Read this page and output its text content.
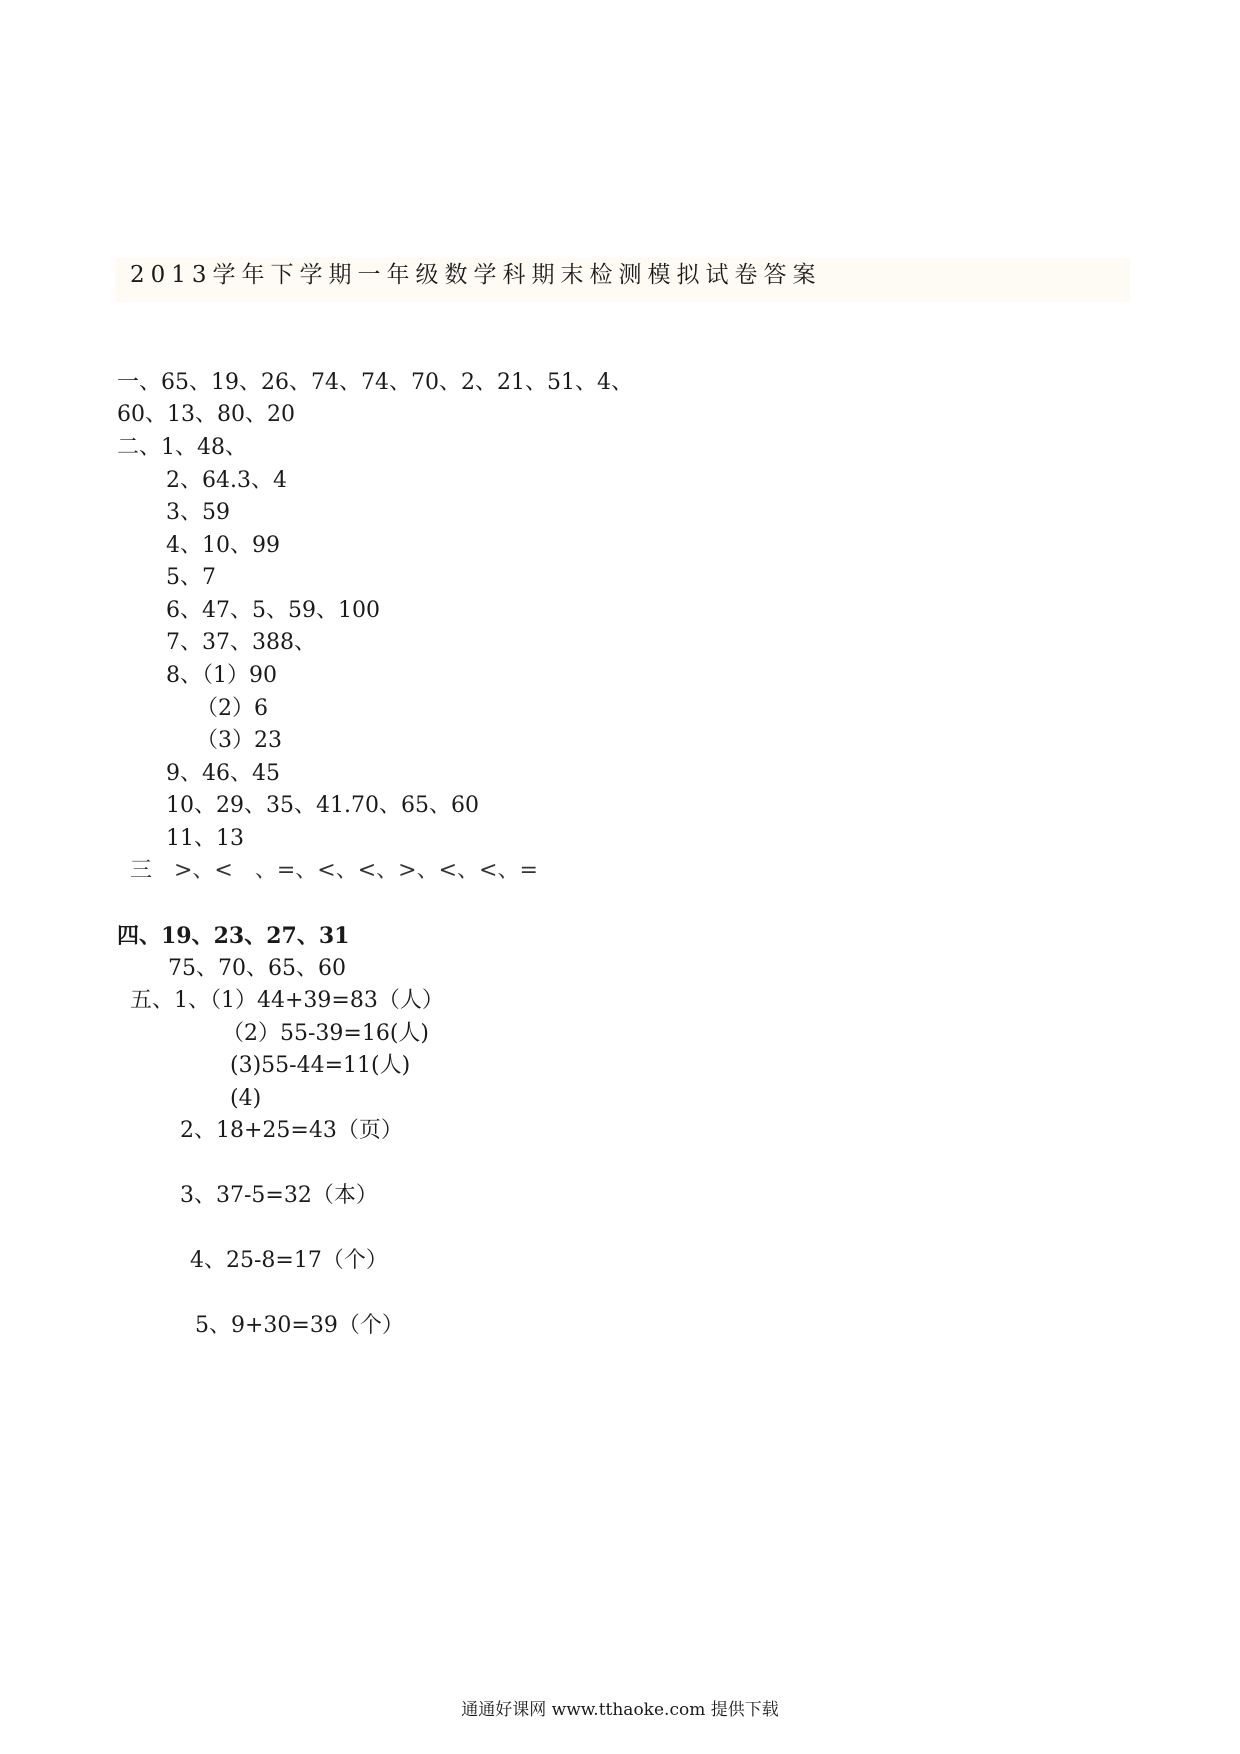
2013学年下学期一年级数学科期末检测模拟试卷答案
一、65、19、26、74、74、70、2、21、51、4、
60、13、80、20
二、1、48、
2、64.3、4
3、59
4、10、99
5、7
6、47、5、59、100
7、37、388、
8、（1）90
（2）6
（3）23
9、46、45
10、29、35、41.70、65、60
11、13
三　>、<　、=、<、<、>、<、<、=
四、19、23、27、31
75、70、65、60
五、1、（1）44+39=83（人）
（2）55-39=16(人)
(3)55-44=11(人)
(4)
2、18+25=43（页）
3、37-5=32（本）
4、25-8=17（个）
5、9+30=39（个）
通通好课网 www.tthaoke.com 提供下载
